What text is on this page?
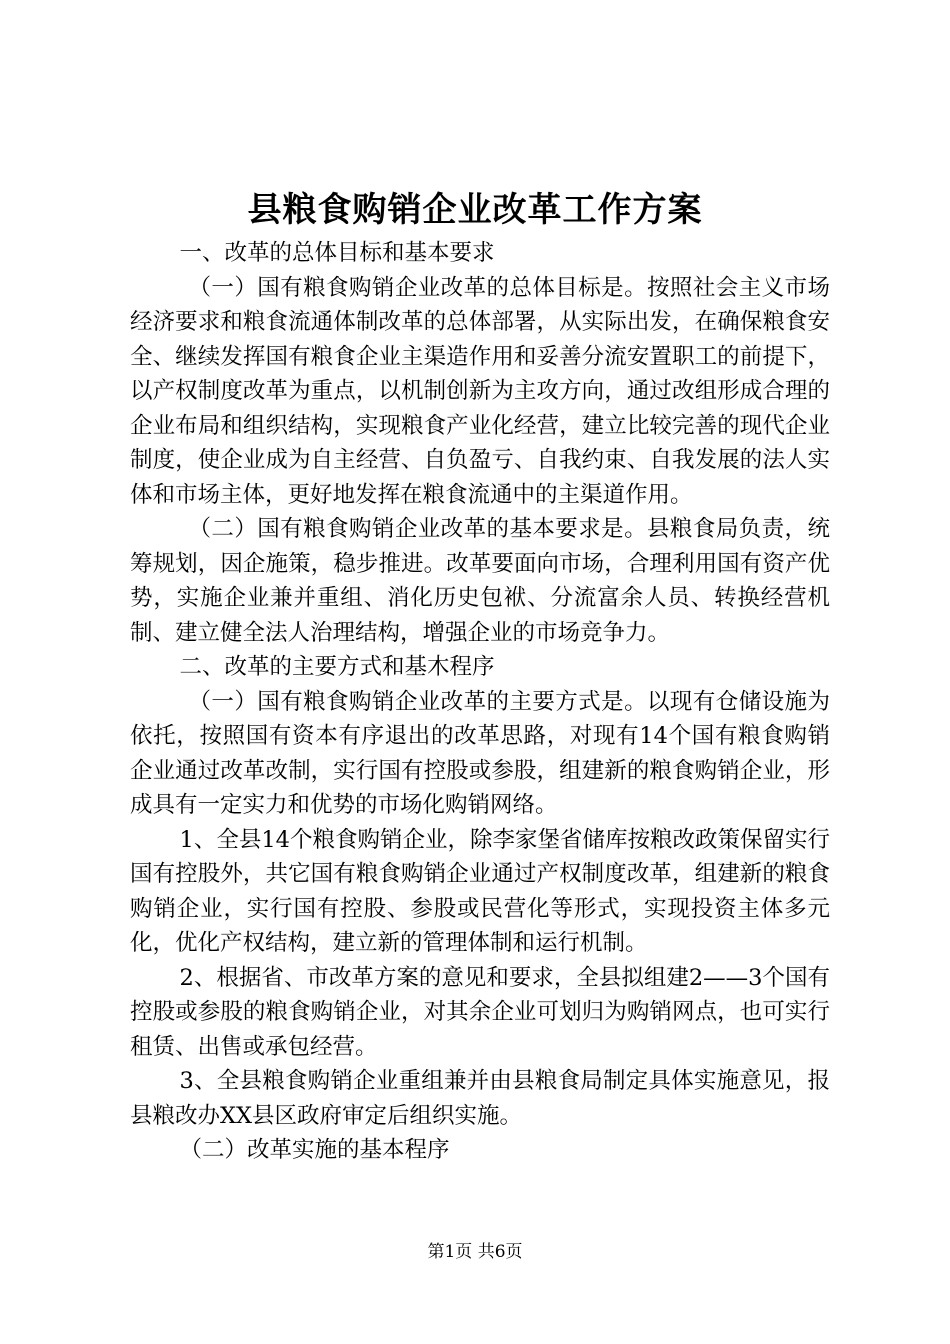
县粮食购销企业改革工作方案

一、改革的总体目标和基本要求

（一）国有粮食购销企业改革的总体目标是。按照社会主义市场经济要求和粮食流通体制改革的总体部署，从实际出发，在确保粮食安全、继续发挥国有粮食企业主渠造作用和妥善分流安置职工的前提下，以产权制度改革为重点，以机制创新为主攻方向，通过改组形成合理的企业布局和组织结构，实现粮食产业化经营，建立比较完善的现代企业制度，使企业成为自主经营、自负盈亏、自我约束、自我发展的法人实体和市场主体，更好地发挥在粮食流通中的主渠道作用。

（二）国有粮食购销企业改革的基本要求是。县粮食局负责，统筹规划，因企施策，稳步推进。改革要面向市场，合理利用国有资产优势，实施企业兼并重组、消化历史包袱、分流富余人员、转换经营机制、建立健全法人治理结构，增强企业的市场竞争力。

二、改革的主要方式和基木程序

（一）国有粮食购销企业改革的主要方式是。以现有仓储设施为依托，按照国有资本有序退出的改革思路，对现有14个国有粮食购销企业通过改革改制，实行国有控股或参股，组建新的粮食购销企业，形成具有一定实力和优势的市场化购销网络。

1、全县14个粮食购销企业，除李家堡省储库按粮改政策保留实行国有控股外，共它国有粮食购销企业通过产权制度改革，组建新的粮食购销企业，实行国有控股、参股或民营化等形式，实现投资主体多元化，优化产权结构，建立新的管理体制和运行机制。

2、根据省、市改革方案的意见和要求，全县拟组建2——3个国有控股或参股的粮食购销企业，对其余企业可划归为购销网点，也可实行租赁、出售或承包经营。

3、全县粮食购销企业重组兼并由县粮食局制定具体实施意见，报县粮改办XX县区政府审定后组织实施。

（二）改革实施的基本程序

第1页 共6页
